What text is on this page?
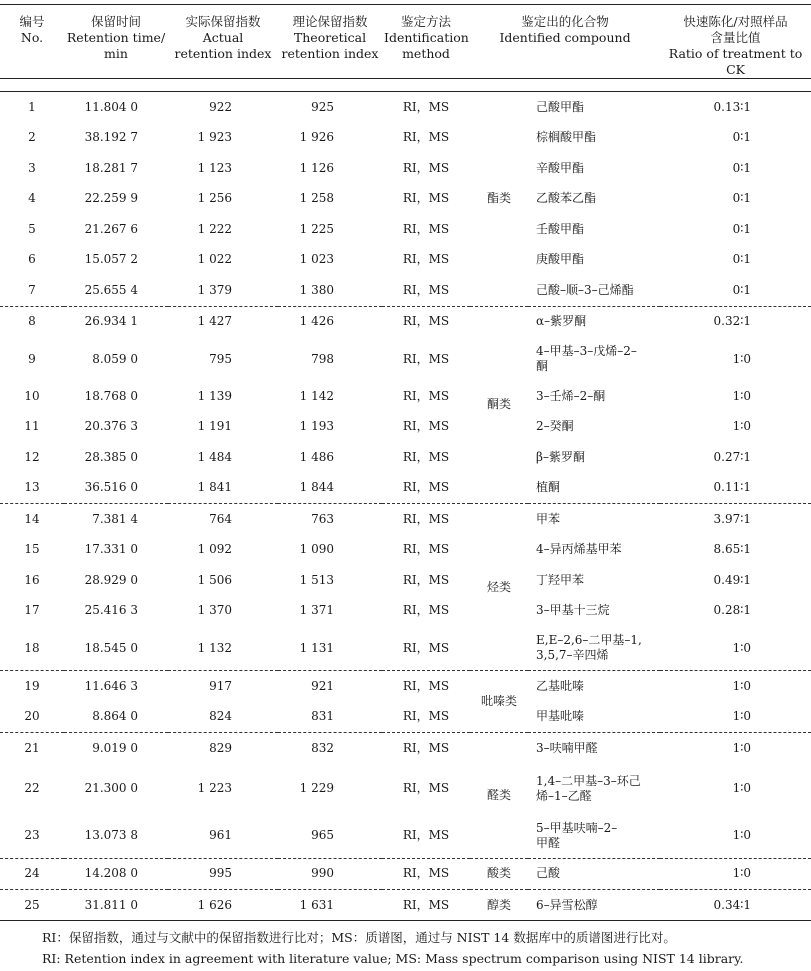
编号
No.	保留时间
Retention time/
min	实际保留指数
Actual
retention index	理论保留指数
Theoretical
retention index	鉴定方法
Identification
method	鉴定出的化合物
Identified compound		快速陈化/对照样品
含量比值
Ratio of treatment to CK

1	11.804 0	922	925	RI，MS	酯类	己酸甲酯	0.13∶1
2	38.192 7	1 923	1 926	RI，MS		棕榈酸甲酯	0∶1
3	18.281 7	1 123	1 126	RI，MS		辛酸甲酯	0∶1
4	22.259 9	1 256	1 258	RI，MS		乙酸苯乙酯	0∶1
5	21.267 6	1 222	1 225	RI，MS		壬酸甲酯	0∶1
6	15.057 2	1 022	1 023	RI，MS		庚酸甲酯	0∶1
7	25.655 4	1 379	1 380	RI，MS		己酸–顺–3–己烯酯	0∶1
8	26.934 1	1 427	1 426	RI，MS	酮类	α–紫罗酮	0.32∶1
9	8.059 0	795	798	RI，MS		4–甲基–3–戊烯–2–
酮	1∶0
10	18.768 0	1 139	1 142	RI，MS		3–壬烯–2–酮	1∶0
11	20.376 3	1 191	1 193	RI，MS		2–癸酮	1∶0
12	28.385 0	1 484	1 486	RI，MS		β–紫罗酮	0.27∶1
13	36.516 0	1 841	1 844	RI，MS		植酮	0.11∶1
14	7.381 4	764	763	RI，MS	烃类	甲苯	3.97∶1
15	17.331 0	1 092	1 090	RI，MS		4–异丙烯基甲苯	8.65∶1
16	28.929 0	1 506	1 513	RI，MS		丁羟甲苯	0.49∶1
17	25.416 3	1 370	1 371	RI，MS		3–甲基十三烷	0.28∶1
18	18.545 0	1 132	1 131	RI，MS		E,E–2,6–二甲基–1,
3,5,7–辛四烯	1∶0
19	11.646 3	917	921	RI，MS	吡嗪类	乙基吡嗪	1∶0
20	8.864 0	824	831	RI，MS		甲基吡嗪	1∶0
21	9.019 0	829	832	RI，MS	醛类	3–呋喃甲醛	1∶0
22	21.300 0	1 223	1 229	RI，MS		1,4–二甲基–3–环己
烯–1–乙醛	1∶0
23	13.073 8	961	965	RI，MS		5–甲基呋喃–2–
甲醛	1∶0
24	14.208 0	995	990	RI，MS	酸类	己酸	1∶0
25	31.811 0	1 626	1 631	RI，MS	醇类	6–异雪松醇	0.34∶1
RI：保留指数，通过与文献中的保留指数进行比对；MS：质谱图，通过与 NIST 14 数据库中的质谱图进行比对。
RI: Retention index in agreement with literature value; MS: Mass spectrum comparison using NIST 14 library.
